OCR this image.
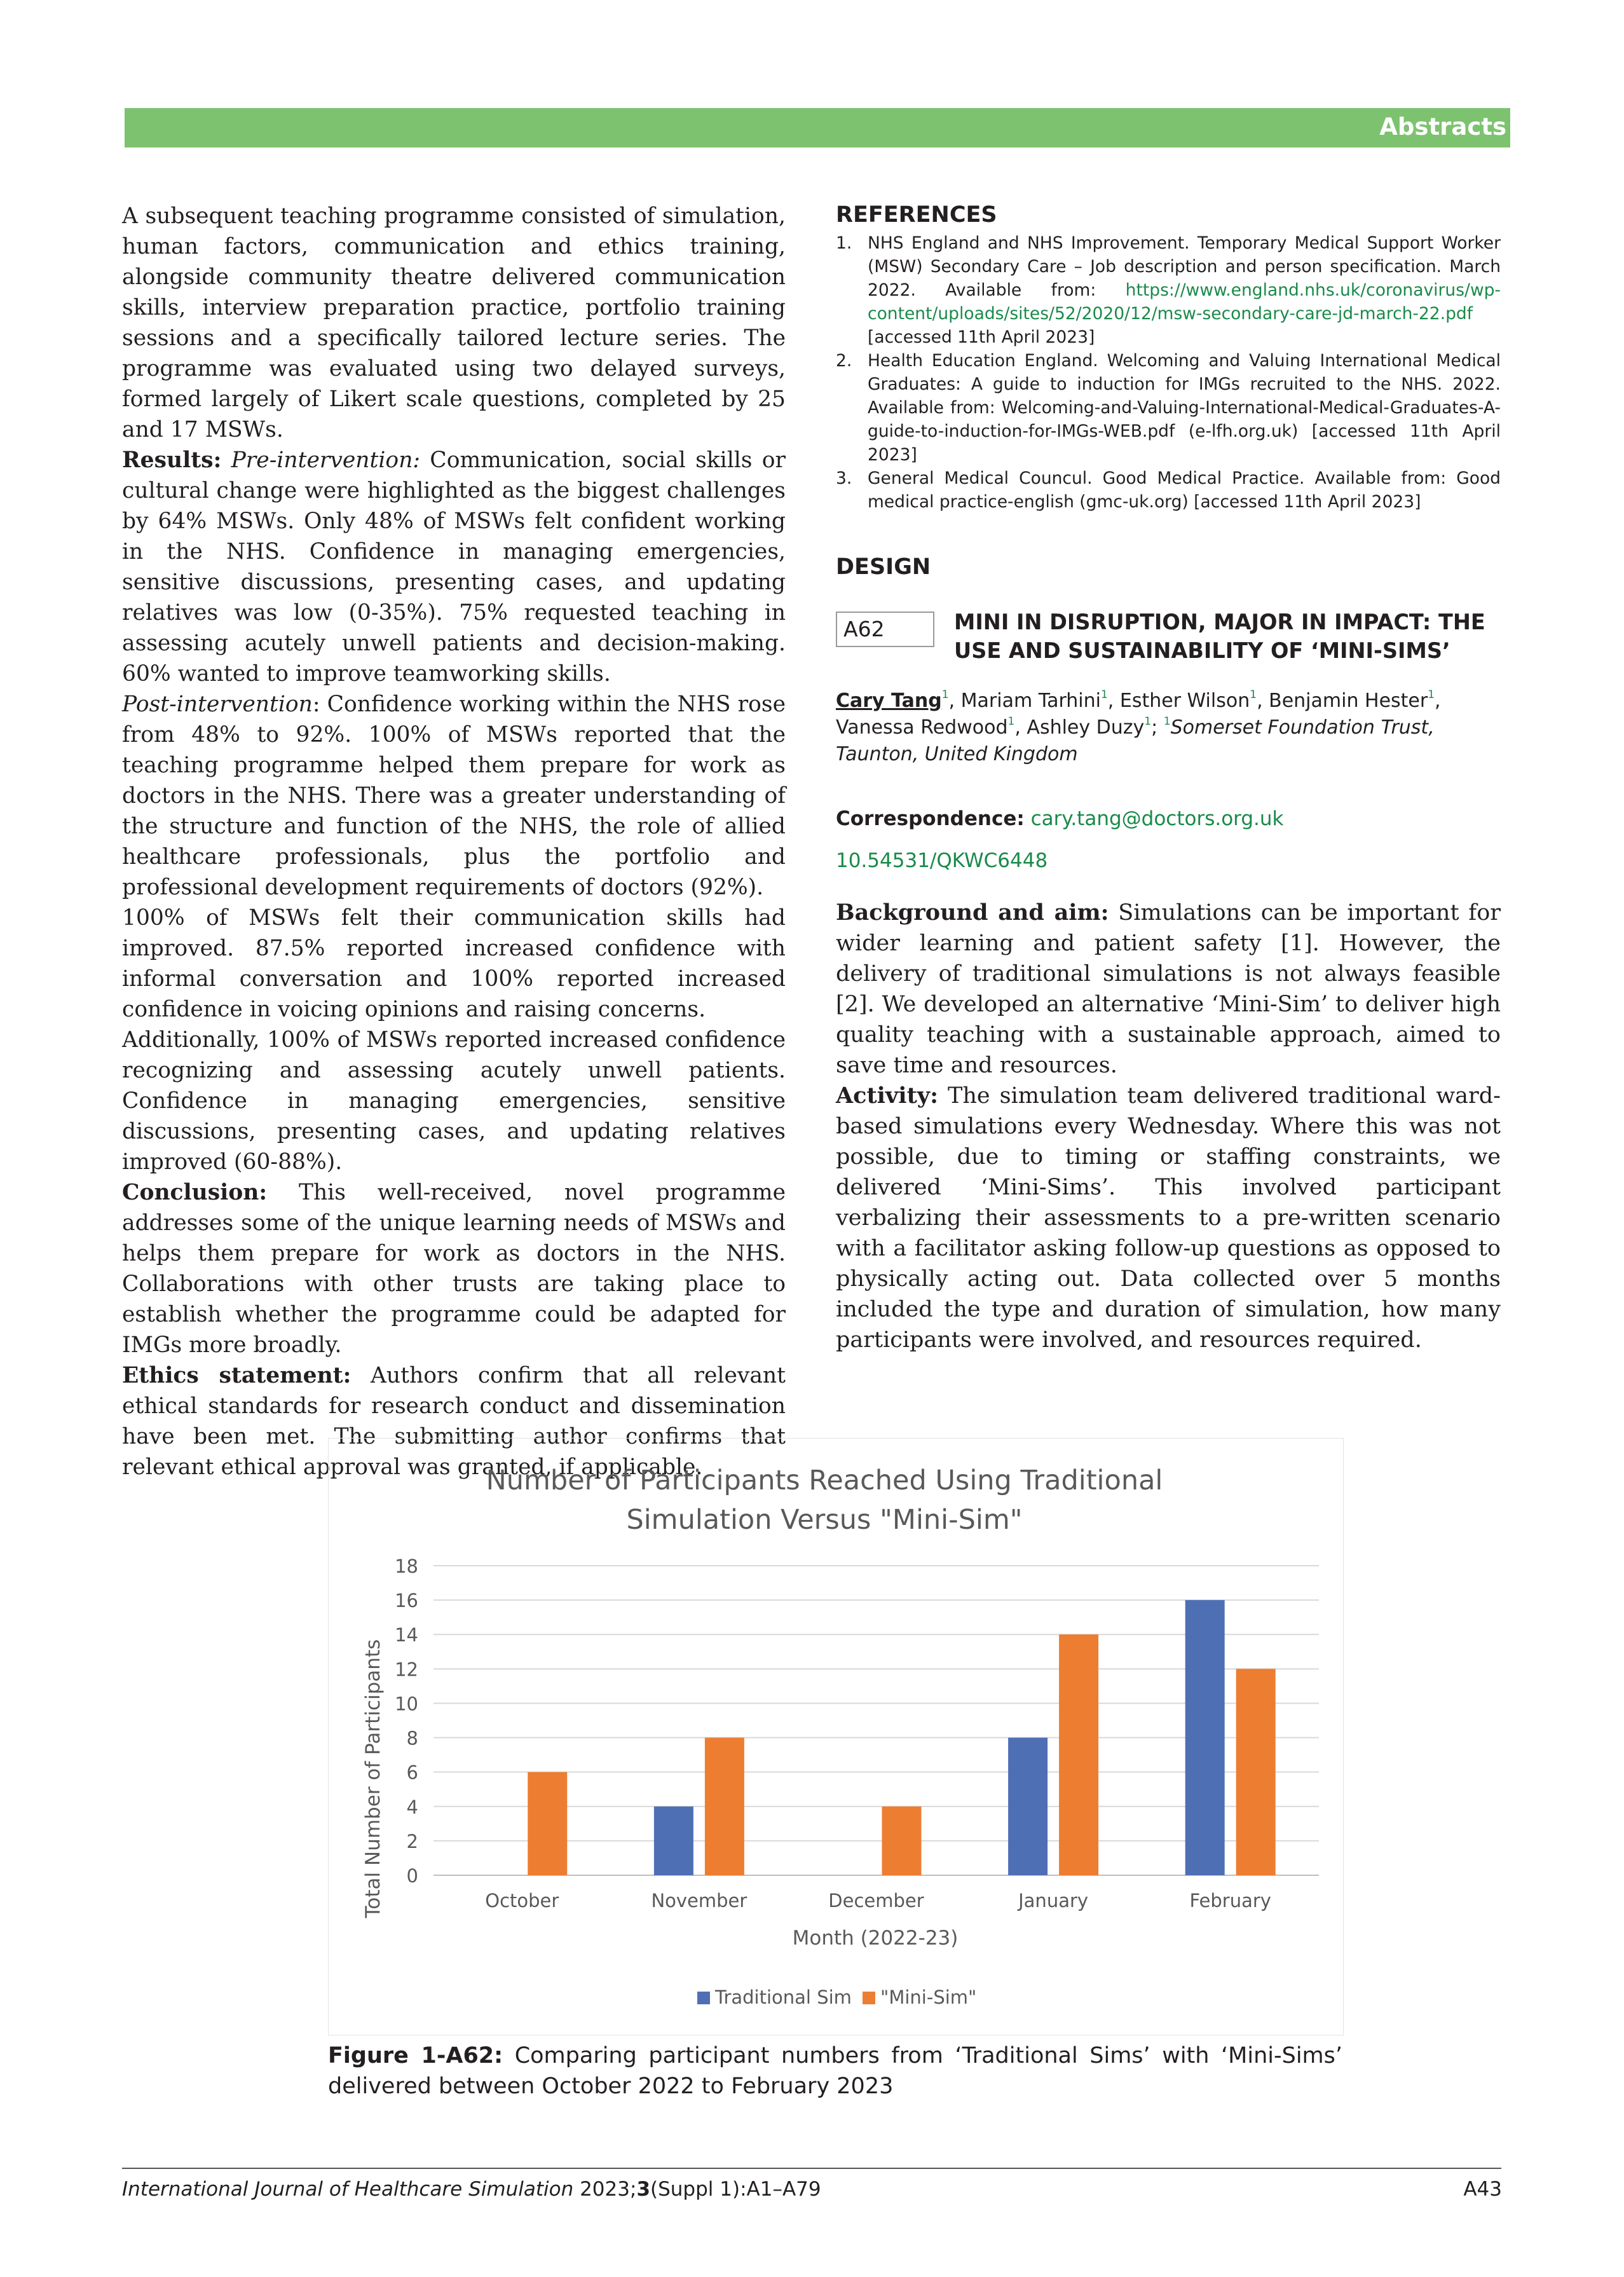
Abstracts

A subsequent teaching programme consisted of simulation, human factors, communication and ethics training, alongside community theatre delivered communication skills, interview preparation practice, portfolio training sessions and a specifically tailored lecture series. The programme was evaluated using two delayed surveys, formed largely of Likert scale questions, completed by 25 and 17 MSWs.

Results: Pre-intervention: Communication, social skills or cultural change were highlighted as the biggest challenges by 64% MSWs. Only 48% of MSWs felt confident working in the NHS. Confidence in managing emergencies, sensitive discussions, presenting cases, and updating relatives was low (0-35%). 75% requested teaching in assessing acutely unwell patients and decision-making. 60% wanted to improve teamworking skills.

Post-intervention: Confidence working within the NHS rose from 48% to 92%. 100% of MSWs reported that the teaching programme helped them prepare for work as doctors in the NHS. There was a greater understanding of the structure and function of the NHS, the role of allied healthcare professionals, plus the portfolio and professional development requirements of doctors (92%).

100% of MSWs felt their communication skills had improved. 87.5% reported increased confidence with informal conversation and 100% reported increased confidence in voicing opinions and raising concerns.

Additionally, 100% of MSWs reported increased confidence recognizing and assessing acutely unwell patients. Confidence in managing emergencies, sensitive discussions, presenting cases, and updating relatives improved (60-88%).

Conclusion: This well-received, novel programme addresses some of the unique learning needs of MSWs and helps them prepare for work as doctors in the NHS. Collaborations with other trusts are taking place to establish whether the programme could be adapted for IMGs more broadly.

Ethics statement: Authors confirm that all relevant ethical standards for research conduct and dissemination have been met. The submitting author confirms that relevant ethical approval was granted, if applicable.

REFERENCES
1. NHS England and NHS Improvement. Temporary Medical Support Worker (MSW) Secondary Care – Job description and person specification. March 2022. Available from: https://www.england.nhs.uk/coronavirus/wp-content/uploads/sites/52/2020/12/msw-secondary-care-jd-march-22.pdf [accessed 11th April 2023]
2. Health Education England. Welcoming and Valuing International Medical Graduates: A guide to induction for IMGs recruited to the NHS. 2022. Available from: Welcoming-and-Valuing-International-Medical-Graduates-A-guide-to-induction-for-IMGs-WEB.pdf (e-lfh.org.uk) [accessed 11th April 2023]
3. General Medical Councul. Good Medical Practice. Available from: Good medical practice-english (gmc-uk.org) [accessed 11th April 2023]
DESIGN
A62	MINI IN DISRUPTION, MAJOR IN IMPACT: THE USE AND SUSTAINABILITY OF ‘MINI-SIMS’
Cary Tang$^1$, Mariam Tarhini$^1$, Esther Wilson$^1$, Benjamin Hester$^1$, Vanessa Redwood$^1$, Ashley Duzy$^1$; $^1$Somerset Foundation Trust, Taunton, United Kingdom
Correspondence: cary.tang@doctors.org.uk
10.54531/QKWC6448

Background and aim: Simulations can be important for wider learning and patient safety [1]. However, the delivery of traditional simulations is not always feasible [2]. We developed an alternative ‘Mini-Sim’ to deliver high quality teaching with a sustainable approach, aimed to save time and resources.

Activity: The simulation team delivered traditional ward-based simulations every Wednesday. Where this was not possible, due to timing or staffing constraints, we delivered ‘Mini-Sims’. This involved participant verbalizing their assessments to a pre-written scenario with a facilitator asking follow-up questions as opposed to physically acting out. Data collected over 5 months included the type and duration of simulation, how many participants were involved, and resources required.

Number of Participants Reached Using Traditional
Simulation Versus "Mini-Sim"
Total Number of Participants
Month (2022-23)
0
2
4
6
8
10
12
14
16
18
October	November	December	January	February
Traditional Sim "Mini-Sim"
Figure 1-A62: Comparing participant numbers from ‘Traditional Sims’ with ‘Mini-Sims’ delivered between October 2022 to February 2023
International Journal of Healthcare Simulation 2023;3(Suppl 1):A1–A79	A43
